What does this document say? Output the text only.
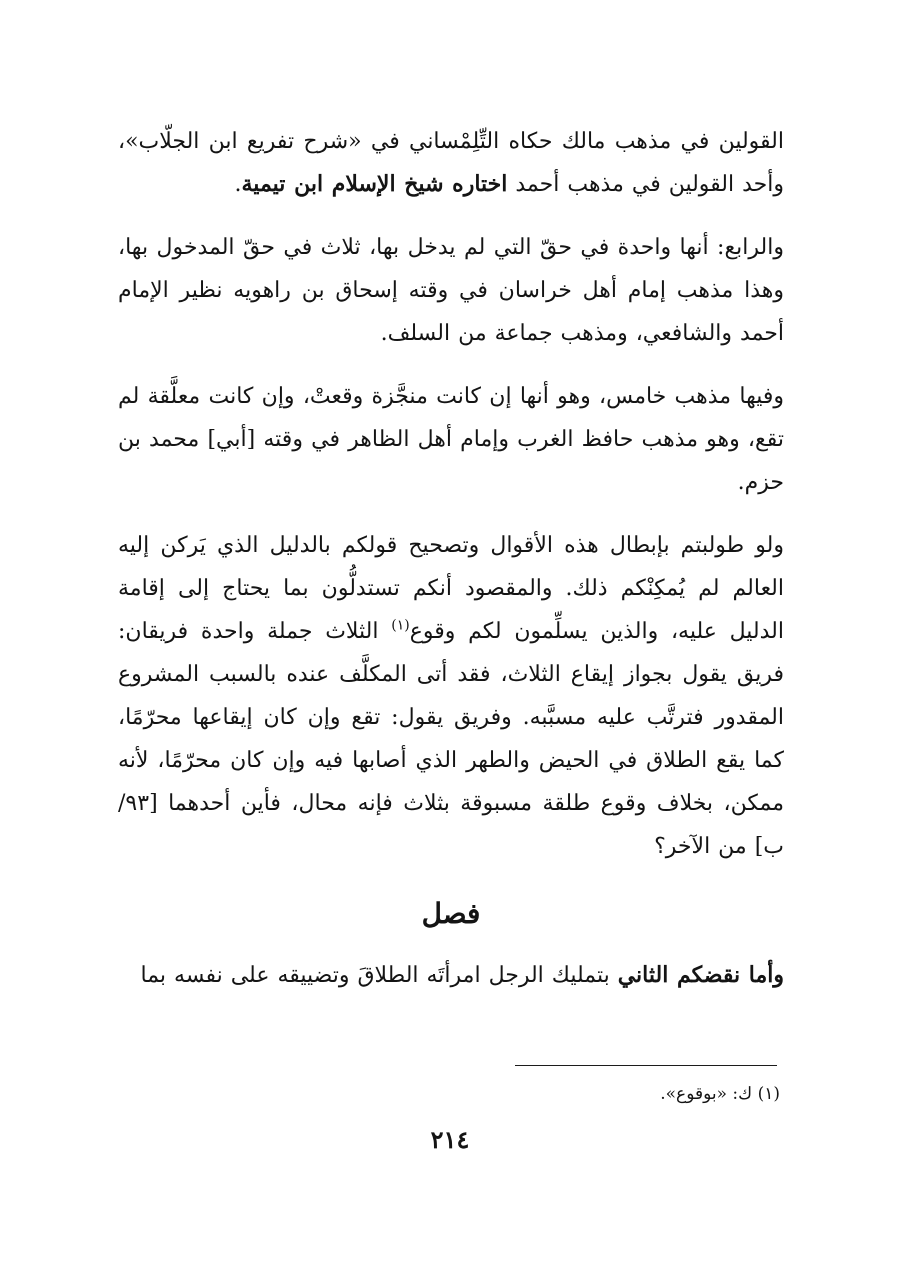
القولين في مذهب مالك حكاه التِّلِمْساني في «شرح تفريع ابن الجلّاب»، وأحد القولين في مذهب أحمد اختاره شيخ الإسلام ابن تيمية.

والرابع: أنها واحدة في حقّ التي لم يدخل بها، ثلاث في حقّ المدخول بها، وهذا مذهب إمام أهل خراسان في وقته إسحاق بن راهويه نظير الإمام أحمد والشافعي، ومذهب جماعة من السلف.

وفيها مذهب خامس، وهو أنها إن كانت منجَّزة وقعتْ، وإن كانت معلَّقة لم تقع، وهو مذهب حافظ الغرب وإمام أهل الظاهر في وقته [أبي] محمد بن حزم.

ولو طولبتم بإبطال هذه الأقوال وتصحيح قولكم بالدليل الذي يَركن إليه العالم لم يُمكِنْكم ذلك. والمقصود أنكم تستدلُّون بما يحتاج إلى إقامة الدليل عليه، والذين يسلِّمون لكم وقوع$^{(١)}$ الثلاث جملة واحدة فريقان: فريق يقول بجواز إيقاع الثلاث، فقد أتى المكلَّف عنده بالسبب المشروع المقدور فترتَّب عليه مسبَّبه. وفريق يقول: تقع وإن كان إيقاعها محرّمًا، كما يقع الطلاق في الحيض والطهر الذي أصابها فيه وإن كان محرّمًا، لأنه ممكن، بخلاف وقوع طلقة مسبوقة بثلاث فإنه محال، فأين أحدهما [٩٣/ ب] من الآخر؟

فصل

وأما نقضكم الثاني بتمليك الرجل امرأتَه الطلاقَ وتضييقه على نفسه بما

(١) ك: «بوقوع».
٢١٤
